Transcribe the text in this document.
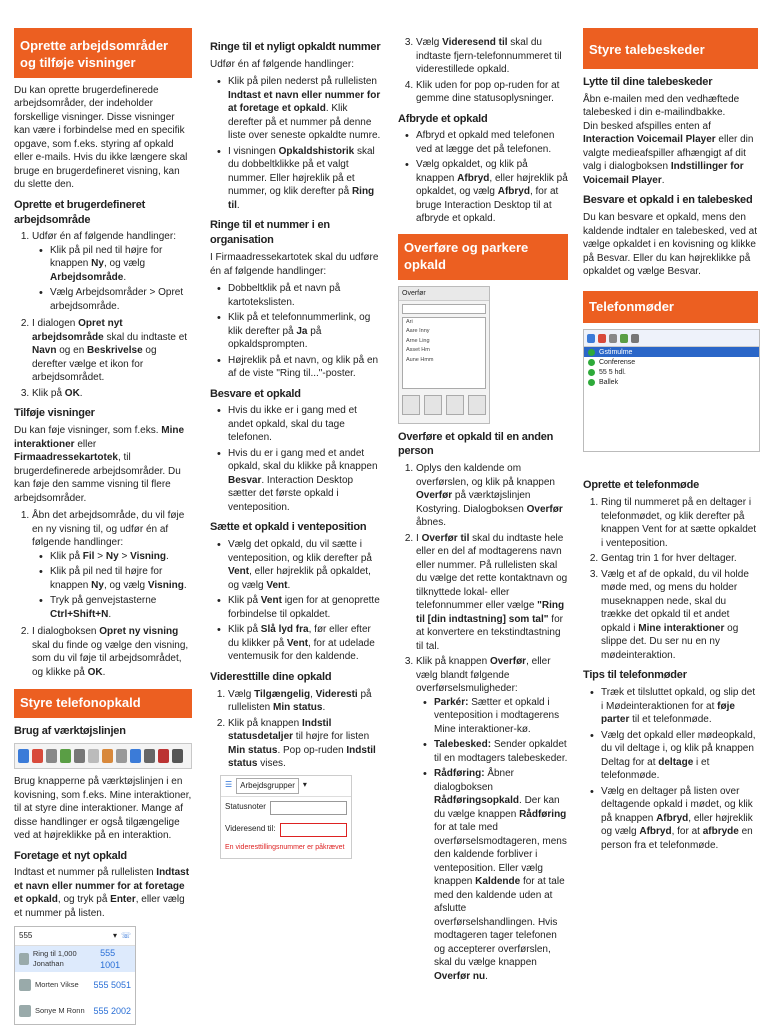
Oprette arbejdsområder og tilføje visninger

Du kan oprette brugerdefinerede arbejdsområder, der indeholder forskellige visninger. Disse visninger kan være i forbindelse med en specifik opgave, som f.eks. styring af opkald eller e-mails. Hvis du ikke længere skal bruge en brugerdefineret visning, kan du slette den.

Oprette et brugerdefineret arbejdsområde
1. Udfør én af følgende handlinger:
• Klik på pil ned til højre for knappen Ny, og vælg Arbejdsområde.
• Vælg Arbejdsområder > Opret arbejdsområde.
2. I dialogen Opret nyt arbejdsområde skal du indtaste et Navn og en Beskrivelse og derefter vælge et ikon for arbejdsområdet.
3. Klik på OK.
Tilføje visninger

Du kan føje visninger, som f.eks. Mine interaktioner eller Firmaadressekartotek, til brugerdefinerede arbejdsområder. Du kan føje den samme visning til flere arbejdsområder.

1. Åbn det arbejdsområde, du vil føje en ny visning til, og udfør én af følgende handlinger:
• Klik på Fil > Ny > Visning.
• Klik på pil ned til højre for knappen Ny, og vælg Visning.
• Tryk på genvejstasterne Ctrl+Shift+N.
2. I dialogboksen Opret ny visning skal du finde og vælge den visning, som du vil føje til arbejdsområdet, og klikke på OK.
Styre telefonopkald
Brug af værktøjslinjen

Brug knapperne på værktøjslinjen i en kovisning, som f.eks. Mine interaktioner, til at styre dine interaktioner. Mange af disse handlinger er også tilgængelige ved at højreklikke på en interaktion.

Foretage et nyt opkald

Indtast et nummer på rullelisten Indtast et navn eller nummer for at foretage et opkald, og tryk på Enter, eller vælg et nummer på listen.

555	▾ ☏
Ring til 1,000 Jonathan
555 1001
Morten Vikse 555 5051
Sonye M Ronn 555 2002
Ringe til et nyligt opkaldt nummer

Udfør én af følgende handlinger:

• Klik på pilen nederst på rullelisten Indtast et navn eller nummer for at foretage et opkald. Klik derefter på et nummer på denne liste over seneste opkaldte numre.
• I visningen Opkaldshistorik skal du dobbeltklikke på et valgt nummer. Eller højreklik på et nummer, og klik derefter på Ring til.
Ringe til et nummer i en organisation

I Firmaadressekartotek skal du udføre én af følgende handlinger:

• Dobbeltklik på et navn på kartotekslisten.
• Klik på et telefonnummerlink, og klik derefter på Ja på opkaldsprompten.
• Højreklik på et navn, og klik på en af de viste "Ring til..."-poster.
Besvare et opkald
• Hvis du ikke er i gang med et andet opkald, skal du tage telefonen.
• Hvis du er i gang med et andet opkald, skal du klikke på knappen Besvar. Interaction Desktop sætter det første opkald i venteposition.
Sætte et opkald i venteposition
• Vælg det opkald, du vil sætte i venteposition, og klik derefter på Vent, eller højreklik på opkaldet, og vælg Vent.
• Klik på Vent igen for at genoprette forbindelse til opkaldet.
• Klik på Slå lyd fra, før eller efter du klikker på Vent, for at udelade ventemusik for den kaldende.
Videresttille dine opkald
1. Vælg Tilgængelig, Videresti på rullelisten Min status.
2. Klik på knappen Indstil statusdetaljer til højre for listen Min status. Pop op-ruden Indstil status vises.
☰	Arbejdsgrupper	▾
Statusnoter
Videresend til:
En videresttillingsnummer er påkrævet
3. Vælg Videresend til skal du indtaste fjern-telefonnummeret til viderestillede opkald.
4. Klik uden for pop op-ruden for at gemme dine statusoplysninger.
Afbryde et opkald
• Afbryd et opkald med telefonen ved at lægge det på telefonen.
• Vælg opkaldet, og klik på knappen Afbryd, eller højreklik på opkaldet, og vælg Afbryd, for at bruge Interaction Desktop til at afbryde et opkald.
Overføre og parkere opkald
Overfør
Ari
Aare Inny
Arne Ling
Asset Hm
Aune Hmm
Overføre et opkald til en anden person
1. Oplys den kaldende om overførslen, og klik på knappen Overfør på værktøjslinjen Kostyring. Dialogboksen Overfør åbnes.
2. I Overfør til skal du indtaste hele eller en del af modtagerens navn eller nummer. På rullelisten skal du vælge det rette kontaktnavn og tilknyttede lokal- eller telefonnummer eller vælge "Ring til [din indtastning] som tal" for at konvertere en tekstindtastning til tal.
3. Klik på knappen Overfør, eller vælg blandt følgende overførselsmuligheder:
• Parkér: Sætter et opkald i venteposition i modtagerens Mine interaktioner-kø.
• Talebesked: Sender opkaldet til en modtagers talebeskeder.
• Rådføring: Åbner dialogboksen Rådføringsopkald. Der kan du vælge knappen Rådføring for at tale med overførselsmodtageren, mens den kaldende forbliver i venteposition. Eller vælg knappen Kaldende for at tale med den kaldende uden at afslutte overførselshandlingen. Hvis modtageren tager telefonen og accepterer overførslen, skal du vælge knappen Overfør nu.
Styre talebeskeder
Lytte til dine talebeskeder

Åbn e-mailen med den vedhæftede talebesked i din e-mailindbakke.

Din besked afspilles enten af Interaction Voicemail Player eller din valgte medieafspiller afhængigt af dit valg i dialogboksen Indstillinger for Voicemail Player.

Besvare et opkald i en talebesked

Du kan besvare et opkald, mens den kaldende indtaler en talebesked, ved at vælge opkaldet i en kovisning og klikke på Besvar. Eller du kan højreklikke på opkaldet og vælge Besvar.

Telefonmøder
Gstimulme
Conferense
55 5 hdl.
Ballek
Oprette et telefonmøde
1. Ring til nummeret på en deltager i telefonmødet, og klik derefter på knappen Vent for at sætte opkaldet i venteposition.
2. Gentag trin 1 for hver deltager.
3. Vælg et af de opkald, du vil holde møde med, og mens du holder museknappen nede, skal du trække det opkald til et andet opkald i Mine interaktioner og slippe det. Du ser nu en ny mødeinteraktion.
Tips til telefonmøder
• Træk et tilsluttet opkald, og slip det i Mødeinteraktionen for at føje parter til et telefonmøde.
• Vælg det opkald eller mødeopkald, du vil deltage i, og klik på knappen Deltag for at deltage i et telefonmøde.
• Vælg en deltager på listen over deltagende opkald i mødet, og klik på knappen Afbryd, eller højreklik og vælg Afbryd, for at afbryde en person fra et telefonmøde.
